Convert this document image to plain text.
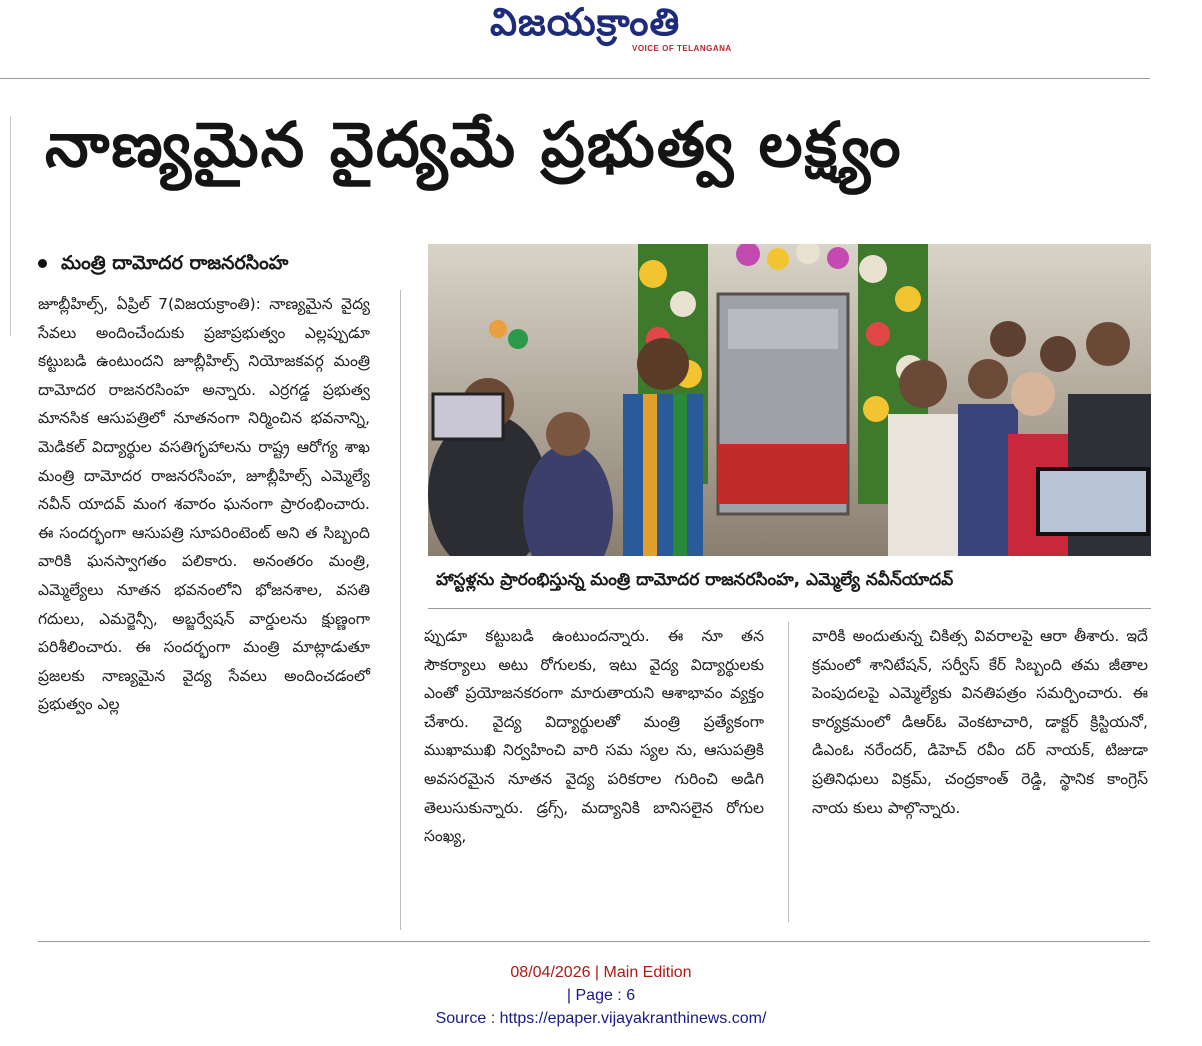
విజయక్రాంతి
VOICE OF TELANGANA
నాణ్యమైన వైద్యమే ప్రభుత్వ లక్ష్యం
మంత్రి దామోదర రాజనరసింహ

జూబ్లీహిల్స్, ఏప్రిల్ 7(విజయక్రాంతి): నాణ్యమైన వైద్య సేవలు అందించేందుకు ప్రజాప్రభుత్వం ఎల్లప్పుడూ కట్టుబడి ఉంటుందని జూబ్లీహిల్స్ నియోజకవర్గ మంత్రి దామోదర రాజనరసింహ అన్నారు. ఎర్రగడ్డ ప్రభుత్వ మానసిక ఆసుపత్రిలో నూతనంగా నిర్మించిన భవనాన్ని, మెడికల్ విద్యార్థుల వసతిగృహాలను రాష్ట్ర ఆరోగ్య శాఖ మంత్రి దామోదర రాజనరసింహ, జూబ్లీహిల్స్ ఎమ్మెల్యే నవీన్ యాదవ్ మంగ శవారం ఘనంగా ప్రారంభించారు. ఈ సందర్భంగా ఆసుపత్రి సూపరింటెంట్ అని త సిబ్బంది వారికి ఘనస్వాగతం పలికారు. అనంతరం మంత్రి, ఎమ్మెల్యేలు నూతన భవనంలోని భోజనశాల, వసతి గదులు, ఎమర్జెన్సీ, అబ్జర్వేషన్ వార్డులను క్షుణ్ణంగా పరిశీలించారు. ఈ సందర్భంగా మంత్రి మాట్లాడుతూ ప్రజలకు నాణ్యమైన వైద్య సేవలు అందించడంలో ప్రభుత్వం ఎల్ల

హాస్టళ్లను ప్రారంభిస్తున్న మంత్రి దామోదర రాజనరసింహ, ఎమ్మెల్యే నవీన్‌యాదవ్

ప్పుడూ కట్టుబడి ఉంటుందన్నారు. ఈ నూ తన సౌకర్యాలు అటు రోగులకు, ఇటు వైద్య విద్యార్థులకు ఎంతో ప్రయోజనకరంగా మారుతాయని ఆశాభావం వ్యక్తం చేశారు. వైద్య విద్యార్థులతో మంత్రి ప్రత్యేకంగా ముఖాముఖి నిర్వహించి వారి సమ స్యల ను, ఆసుపత్రికి అవసరమైన నూతన వైద్య పరికరాల గురించి అడిగి తెలుసుకున్నారు. డ్రగ్స్, మద్యానికి బానిసలైన రోగుల సంఖ్య,

వారికి అందుతున్న చికిత్స వివరాలపై ఆరా తీశారు. ఇదే క్రమంలో శానిటేషన్, సర్వీస్ కేర్ సిబ్బంది తమ జీతాల పెంపుదలపై ఎమ్మెల్యేకు వినతిపత్రం సమర్పించారు. ఈ కార్యక్రమంలో డిఆర్ఓ వెంకటాచారి, డాక్టర్ క్రిస్టియనో, డిఎంఓ నరేందర్, డిహెచ్ రవీం దర్ నాయక్, టిజుడా ప్రతినిధులు విక్రమ్, చంద్రకాంత్ రెడ్డి, స్థానిక కాంగ్రెస్ నాయ కులు పాల్గొన్నారు.

08/04/2026 | Main Edition
| Page : 6
Source : https://epaper.vijayakranthinews.com/
